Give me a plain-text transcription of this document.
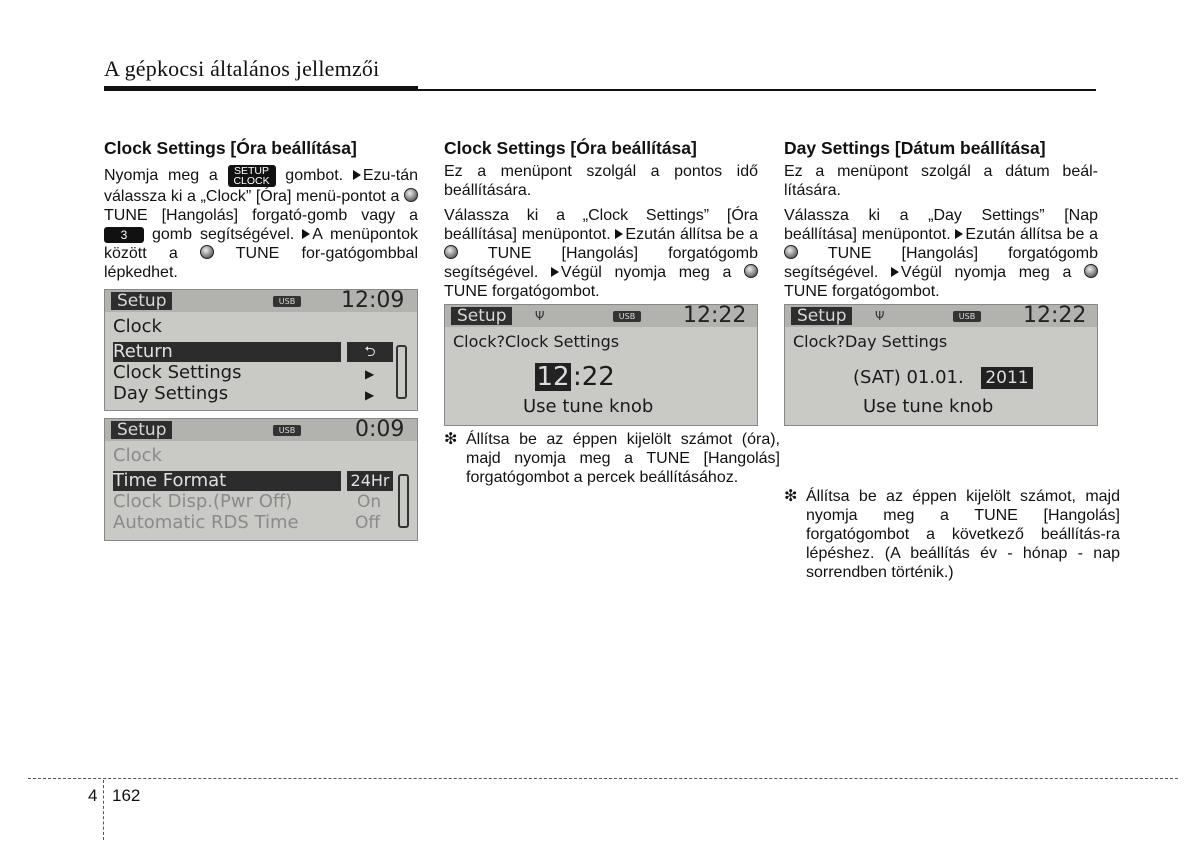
A gépkocsi általános jellemzői
Clock Settings [Óra beállítása]

Nyomja meg a	SETUP
CLOCK gombot. Ezu-tán válassza ki a „Clock” [Óra] menü-pontot a  TUNE [Hangolás] forgató-gomb vagy a 3 gomb segítségével. A menüpontok között a	TUNE for-gatógombbal lépkedhet.

Setup	USB 12:09
Clock
Return	⮌
Clock Settings	▶
Day Settings	▶
Setup	USB	0:09
Clock
Time Format	24Hr
Clock Disp.(Pwr Off)	On
Automatic RDS Time	Off
Clock Settings [Óra beállítása]

Ez a menüpont szolgál a pontos idő beállítására.

Válassza ki a „Clock Settings” [Óra beállítása] menüpontot. Ezután állítsa be a  TUNE [Hangolás] forgatógomb segítségével. Végül nyomja meg a  TUNE forgatógombot.

Setup	Ψ	USB 12:22
Clock?Clock Settings
12 :22
Use tune knob
❇ Állítsa be az éppen kijelölt számot (óra), majd nyomja meg a TUNE [Hangolás] forgatógombot a percek beállításához.
Day Settings [Dátum beállítása]

Ez a menüpont szolgál a dátum beál-lítására.

Válassza ki a „Day Settings” [Nap beállítása] menüpontot. Ezután állítsa be a  TUNE [Hangolás] forgatógomb segítségével. Végül nyomja meg a  TUNE forgatógombot.

Setup	Ψ	USB 12:22
Clock?Day Settings
(SAT) 01.01. 2011
Use tune knob
❇ Állítsa be az éppen kijelölt számot, majd nyomja meg a TUNE [Hangolás] forgatógombot a következő beállítás-ra lépéshez. (A beállítás év - hónap - nap sorrendben történik.)
4 162
